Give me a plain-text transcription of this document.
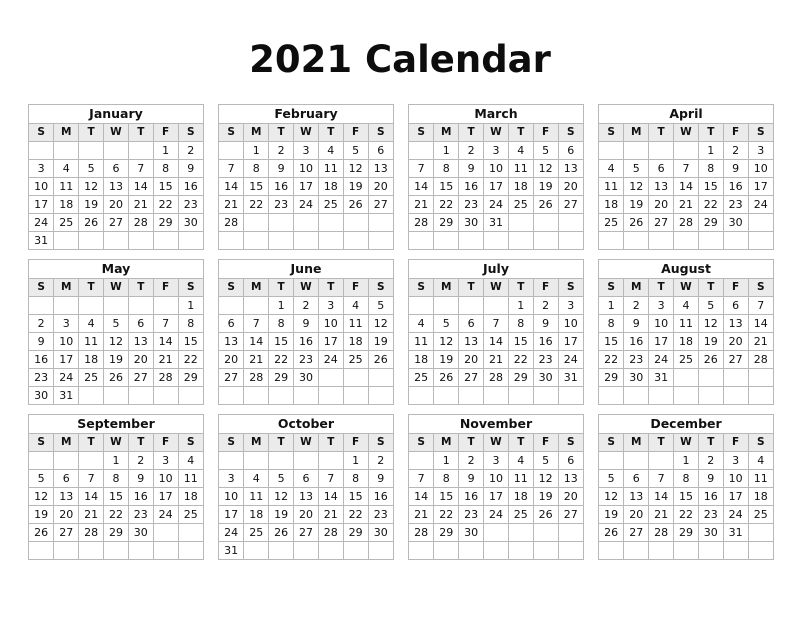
2021 Calendar
January
S	M	T	W	T	F	S
					1	2
3	4	5	6	7	8	9
10	11	12	13	14	15	16
17	18	19	20	21	22	23
24	25	26	27	28	29	30
31						
February
S	M	T	W	T	F	S
	1	2	3	4	5	6
7	8	9	10	11	12	13
14	15	16	17	18	19	20
21	22	23	24	25	26	27
28						

March
S	M	T	W	T	F	S
	1	2	3	4	5	6
7	8	9	10	11	12	13
14	15	16	17	18	19	20
21	22	23	24	25	26	27
28	29	30	31			

April
S	M	T	W	T	F	S
				1	2	3
4	5	6	7	8	9	10
11	12	13	14	15	16	17
18	19	20	21	22	23	24
25	26	27	28	29	30	

May
S	M	T	W	T	F	S
						1
2	3	4	5	6	7	8
9	10	11	12	13	14	15
16	17	18	19	20	21	22
23	24	25	26	27	28	29
30	31					
June
S	M	T	W	T	F	S
		1	2	3	4	5
6	7	8	9	10	11	12
13	14	15	16	17	18	19
20	21	22	23	24	25	26
27	28	29	30			

July
S	M	T	W	T	F	S
				1	2	3
4	5	6	7	8	9	10
11	12	13	14	15	16	17
18	19	20	21	22	23	24
25	26	27	28	29	30	31

August
S	M	T	W	T	F	S
1	2	3	4	5	6	7
8	9	10	11	12	13	14
15	16	17	18	19	20	21
22	23	24	25	26	27	28
29	30	31				

September
S	M	T	W	T	F	S
			1	2	3	4
5	6	7	8	9	10	11
12	13	14	15	16	17	18
19	20	21	22	23	24	25
26	27	28	29	30		

October
S	M	T	W	T	F	S
					1	2
3	4	5	6	7	8	9
10	11	12	13	14	15	16
17	18	19	20	21	22	23
24	25	26	27	28	29	30
31						
November
S	M	T	W	T	F	S
	1	2	3	4	5	6
7	8	9	10	11	12	13
14	15	16	17	18	19	20
21	22	23	24	25	26	27
28	29	30				

December
S	M	T	W	T	F	S
			1	2	3	4
5	6	7	8	9	10	11
12	13	14	15	16	17	18
19	20	21	22	23	24	25
26	27	28	29	30	31	
